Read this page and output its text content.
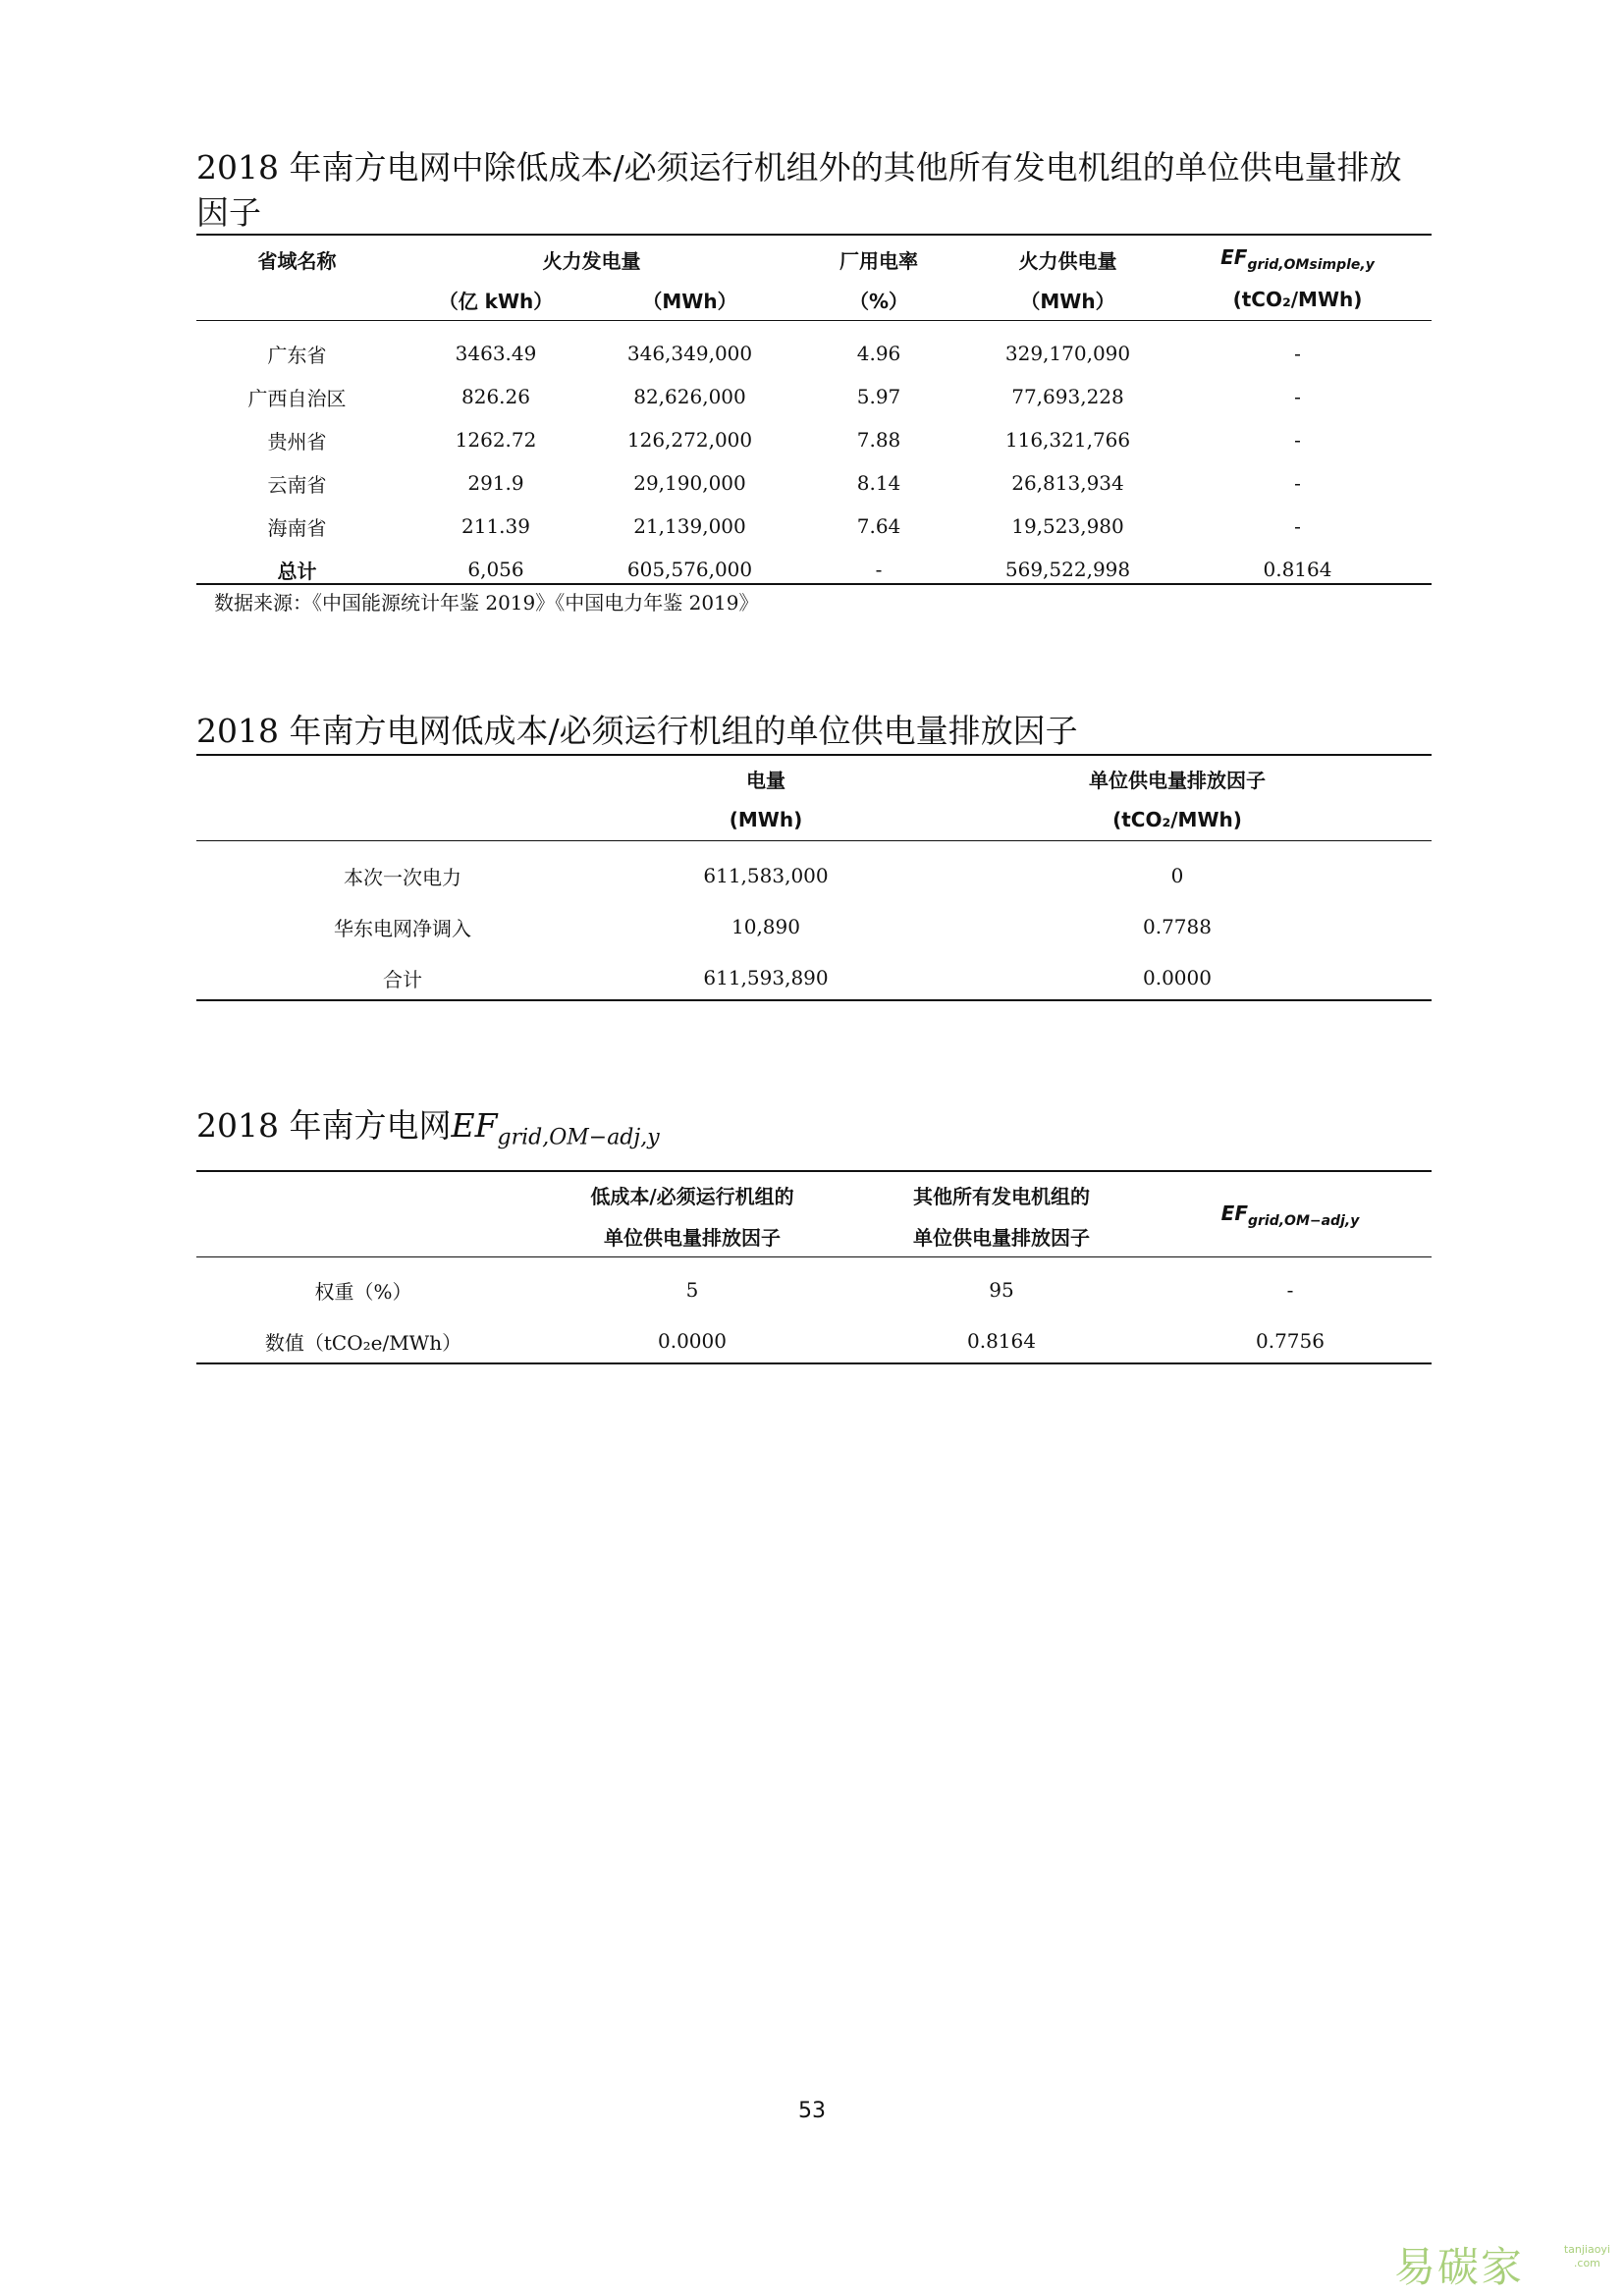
2018 年南方电网中除低成本/必须运行机组外的其他所有发电机组的单位供电量排放
因子
省域名称	火力发电量		厂用电率	火力供电量	$EF_{grid,OMsimple,y}$
	（亿 kWh）	（MWh）	（%）	（MWh）	(tCO₂/MWh)

广东省	3463.49	346,349,000	4.96	329,170,090	-
广西自治区	826.26	82,626,000	5.97	77,693,228	-
贵州省	1262.72	126,272,000	7.88	116,321,766	-
云南省	291.9	29,190,000	8.14	26,813,934	-
海南省	211.39	21,139,000	7.64	19,523,980	-
总计	6,056	605,576,000	-	569,522,998	0.8164
数据来源：《中国能源统计年鉴 2019》《中国电力年鉴 2019》
2018 年南方电网低成本/必须运行机组的单位供电量排放因子
	电量	单位供电量排放因子
	(MWh)	(tCO₂/MWh)

本次一次电力	611,583,000	0
华东电网净调入	10,890	0.7788
合计	611,593,890	0.0000
2018 年南方电网$EF_{grid,OM-adj,y}$
	低成本/必须运行机组的	其他所有发电机组的	$EF_{grid,OM-adj,y}$
	单位供电量排放因子	单位供电量排放因子	

权重（%）	5	95	-
数值（tCO₂e/MWh）	0.0000	0.8164	0.7756
53
易碳家	tanjiaoyi
.com
